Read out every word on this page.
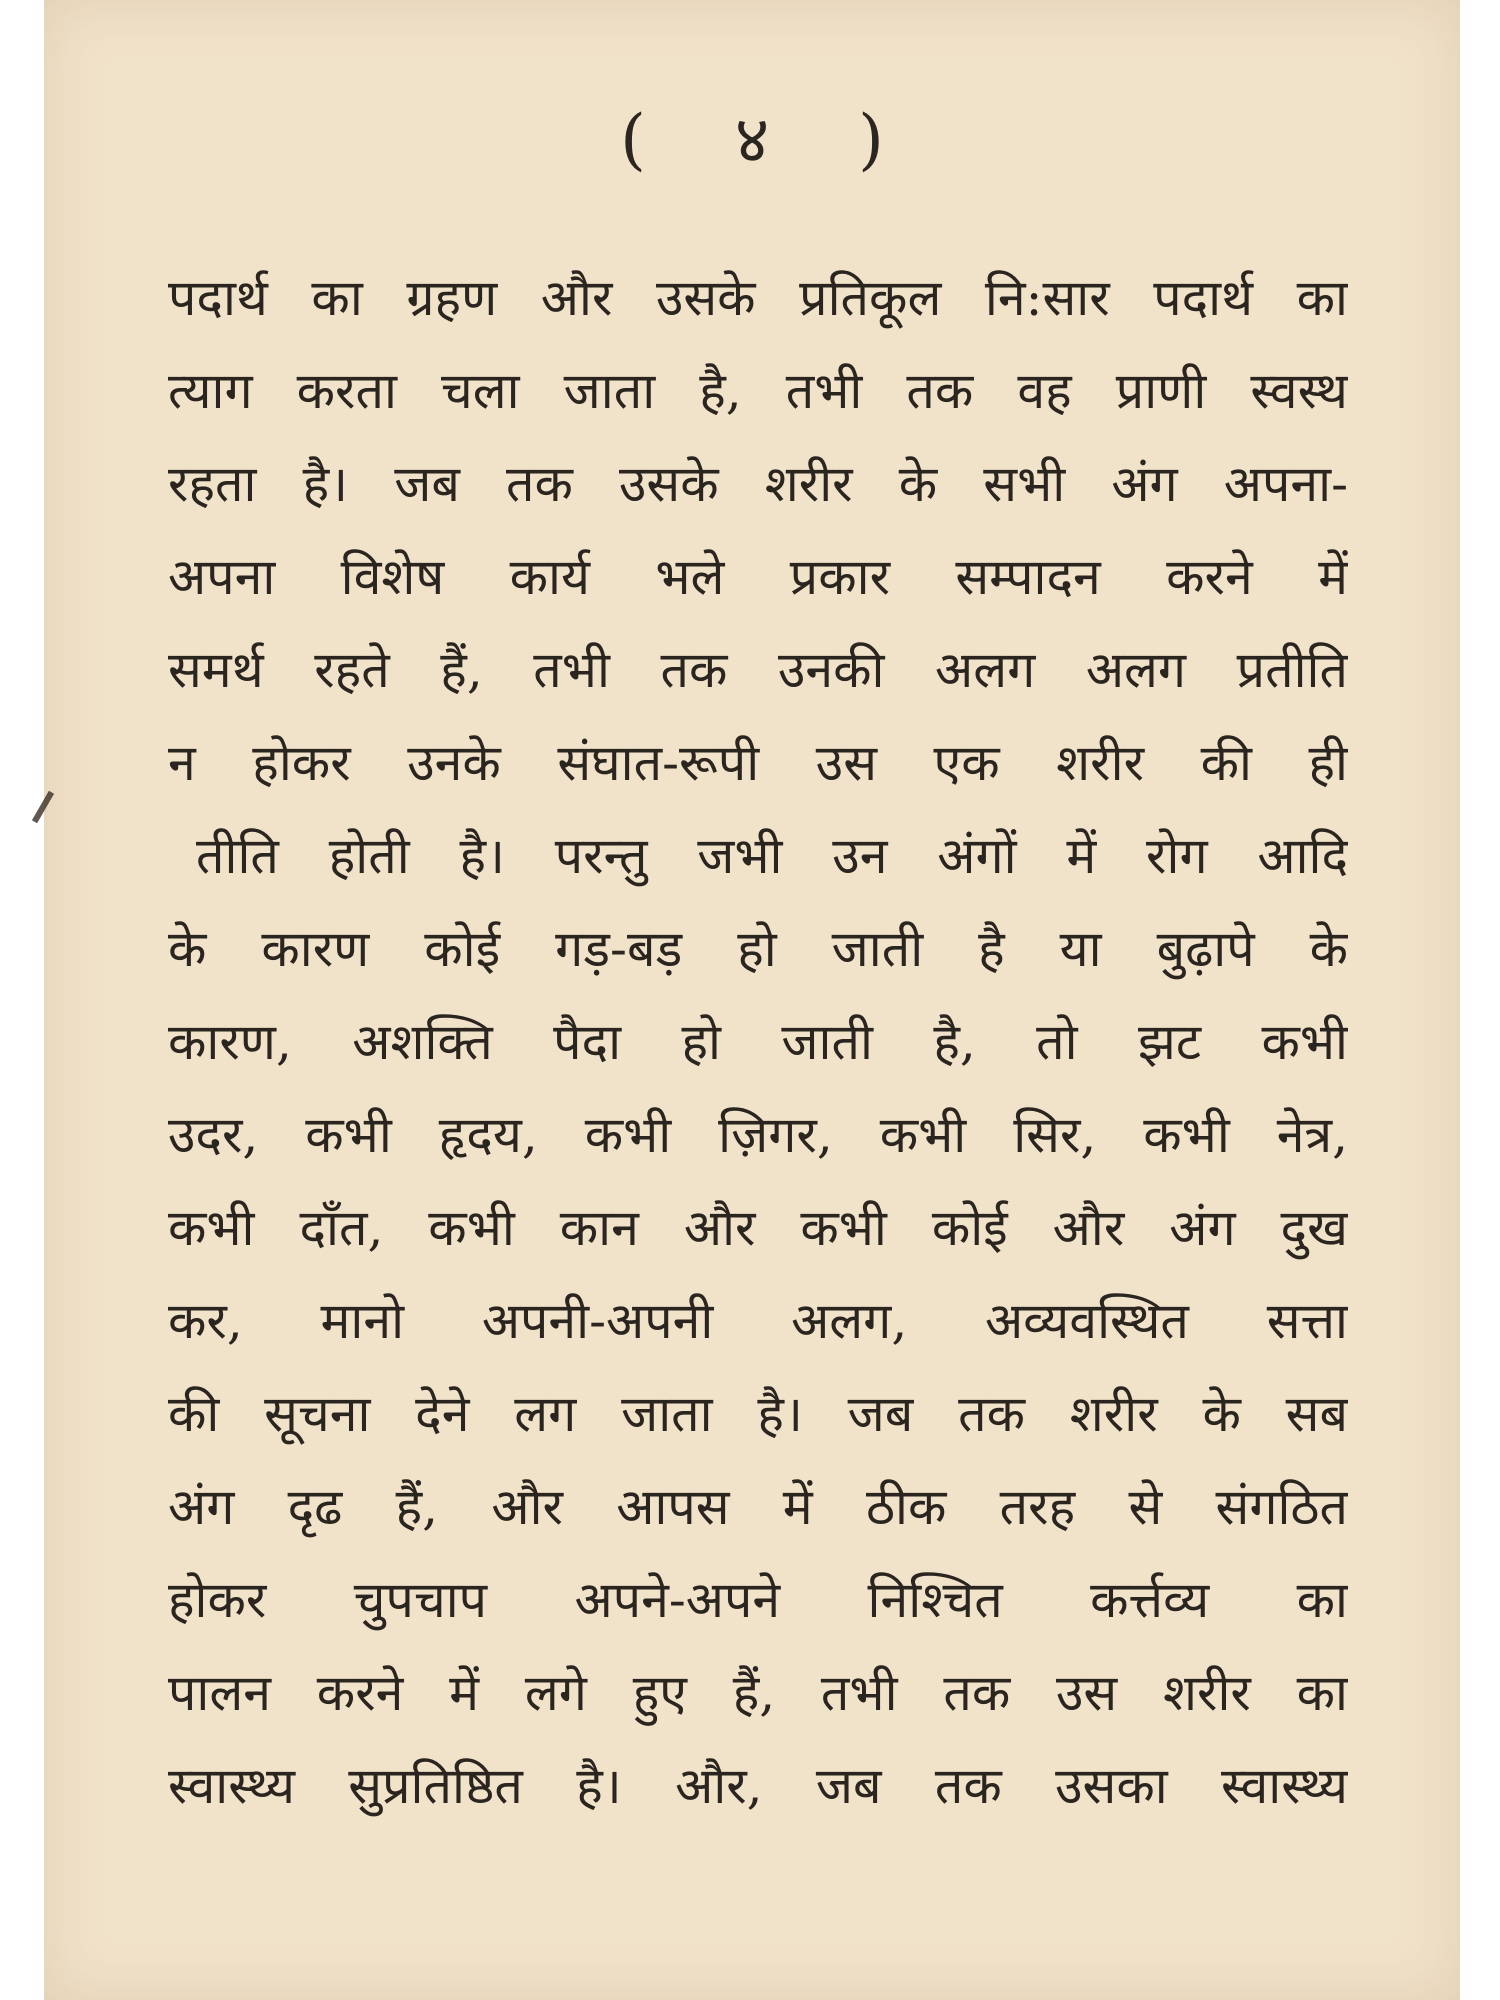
( ४ )
पदार्थ का ग्रहण और उसके प्रतिकूल नि:सार पदार्थ का
त्याग करता चला जाता है, तभी तक वह प्राणी स्वस्थ
रहता है। जब तक उसके शरीर के सभी अंग अपना-
अपना विशेष कार्य भले प्रकार सम्पादन करने में
समर्थ रहते हैं, तभी तक उनकी अलग अलग प्रतीति
न होकर उनके संघात-रूपी उस एक शरीर की ही
तीति होती है। परन्तु जभी उन अंगों में रोग आदि
के कारण कोई गड़-बड़ हो जाती है या बुढ़ापे के
कारण, अशक्ति पैदा हो जाती है, तो झट कभी
उदर, कभी हृदय, कभी ज़िगर, कभी सिर, कभी नेत्र,
कभी दाँत, कभी कान और कभी कोई और अंग दुख
कर, मानो अपनी-अपनी अलग, अव्यवस्थित सत्ता
की सूचना देने लग जाता है। जब तक शरीर के सब
अंग दृढ हैं, और आपस में ठीक तरह से संगठित
होकर चुपचाप अपने-अपने निश्चित कर्त्तव्य का
पालन करने में लगे हुए हैं, तभी तक उस शरीर का
स्वास्थ्य सुप्रतिष्ठित है। और, जब तक उसका स्वास्थ्य
